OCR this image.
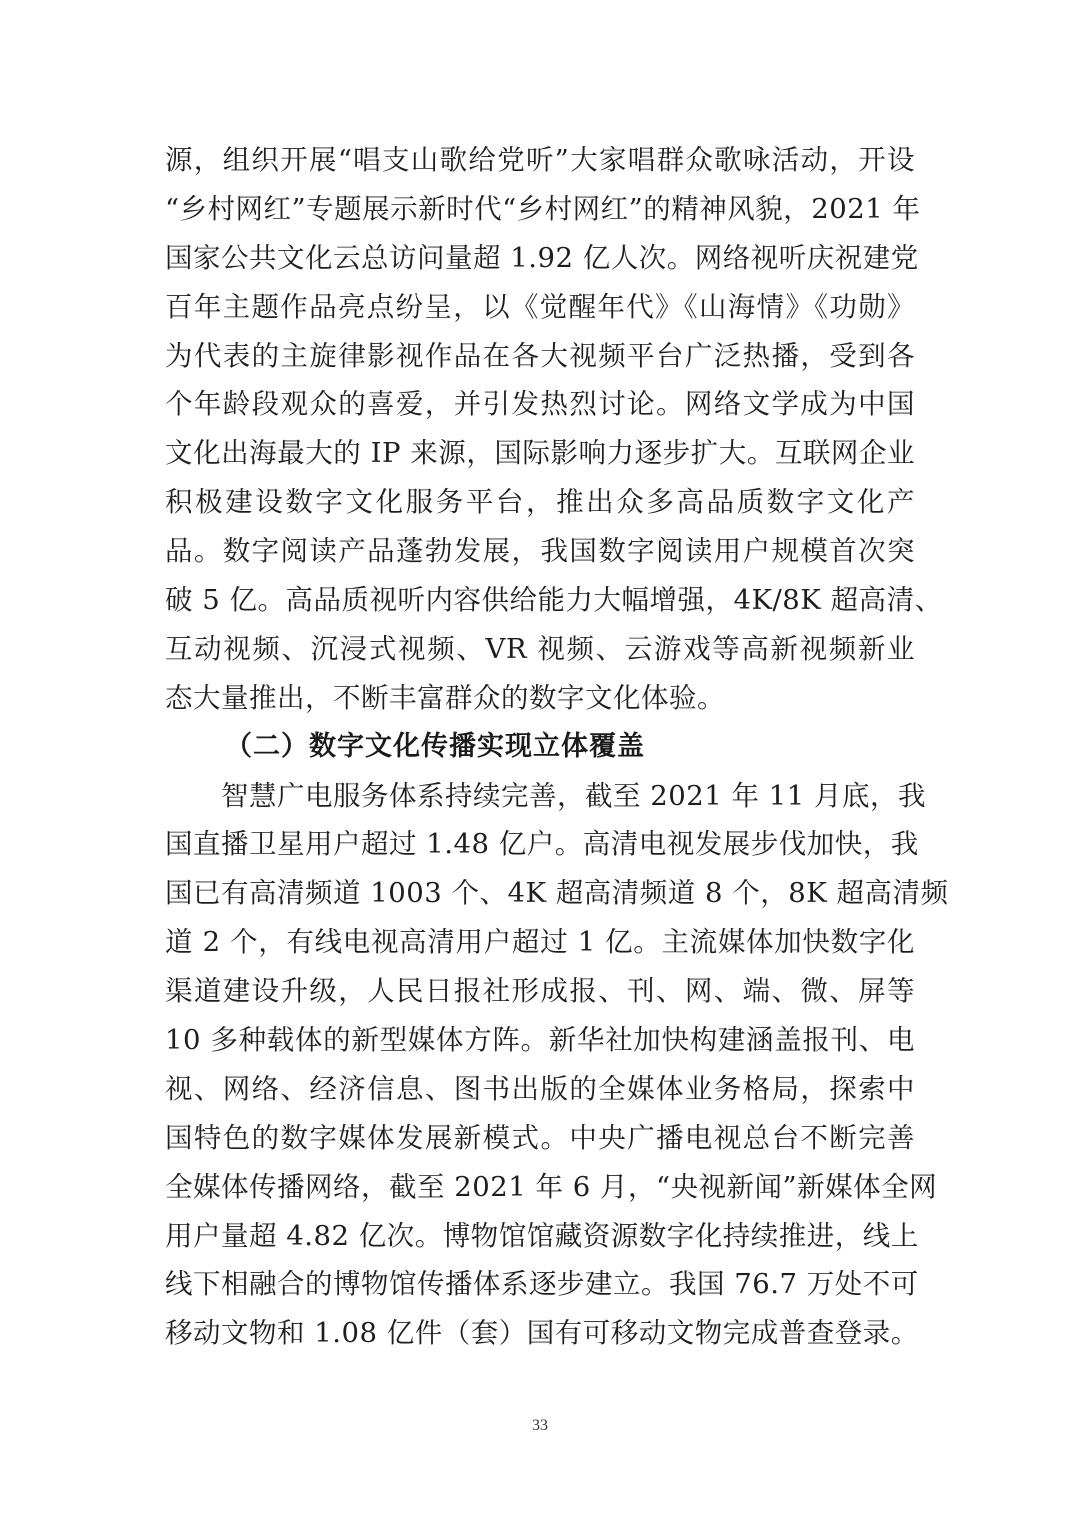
源，组织开展“唱支山歌给党听”大家唱群众歌咏活动，开设
“乡村网红”专题展示新时代“乡村网红”的精神风貌，2021 年
国家公共文化云总访问量超 1.92 亿人次。网络视听庆祝建党
百年主题作品亮点纷呈，以《觉醒年代》《山海情》《功勋》
为代表的主旋律影视作品在各大视频平台广泛热播，受到各
个年龄段观众的喜爱，并引发热烈讨论。网络文学成为中国
文化出海最大的 IP 来源，国际影响力逐步扩大。互联网企业
积极建设数字文化服务平台，推出众多高品质数字文化产
品。数字阅读产品蓬勃发展，我国数字阅读用户规模首次突
破 5 亿。高品质视听内容供给能力大幅增强，4K/8K 超高清、
互动视频、沉浸式视频、VR 视频、云游戏等高新视频新业
态大量推出，不断丰富群众的数字文化体验。
（二）数字文化传播实现立体覆盖
　　智慧广电服务体系持续完善，截至 2021 年 11 月底，我
国直播卫星用户超过 1.48 亿户。高清电视发展步伐加快，我
国已有高清频道 1003 个、4K 超高清频道 8 个，8K 超高清频
道 2 个，有线电视高清用户超过 1 亿。主流媒体加快数字化
渠道建设升级，人民日报社形成报、刊、网、端、微、屏等
10 多种载体的新型媒体方阵。新华社加快构建涵盖报刊、电
视、网络、经济信息、图书出版的全媒体业务格局，探索中
国特色的数字媒体发展新模式。中央广播电视总台不断完善
全媒体传播网络，截至 2021 年 6 月，“央视新闻”新媒体全网
用户量超 4.82 亿次。博物馆馆藏资源数字化持续推进，线上
线下相融合的博物馆传播体系逐步建立。我国 76.7 万处不可
移动文物和 1.08 亿件（套）国有可移动文物完成普查登录。
33
